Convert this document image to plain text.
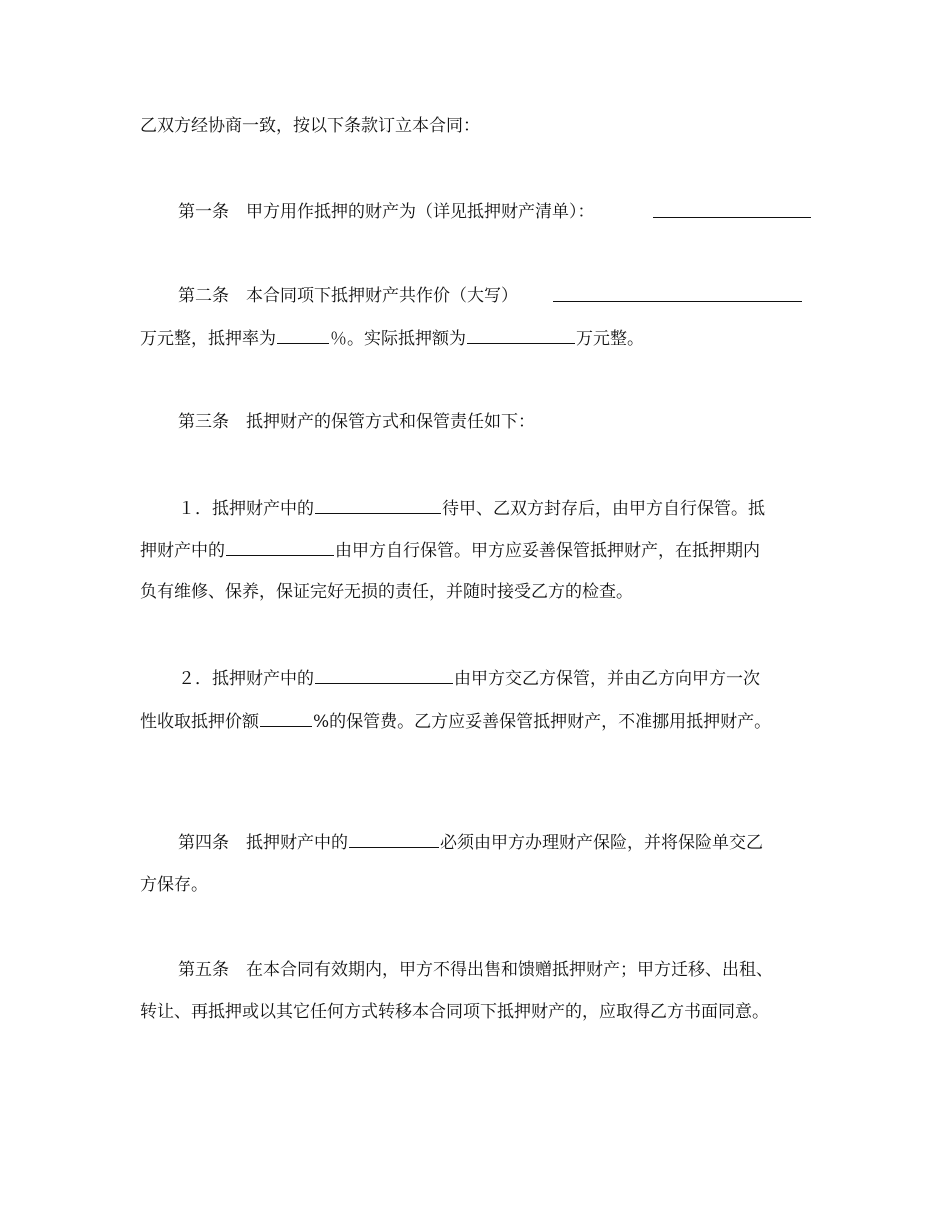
乙双方经协商一致，按以下条款订立本合同：
第一条　甲方用作抵押的财产为（详见抵押财产清单）：
第二条　本合同项下抵押财产共作价（大写）
万元整，抵押率为	％。实际抵押额为	万元整。
第三条　抵押财产的保管方式和保管责任如下：
１．抵押财产中的	待甲、乙双方封存后，由甲方自行保管。抵
押财产中的	由甲方自行保管。甲方应妥善保管抵押财产，在抵押期内
负有维修、保养，保证完好无损的责任，并随时接受乙方的检查。
２．抵押财产中的	由甲方交乙方保管，并由乙方向甲方一次
性收取抵押价额	%的保管费。乙方应妥善保管抵押财产，不准挪用抵押财产。
第四条　抵押财产中的	必须由甲方办理财产保险，并将保险单交乙
方保存。
第五条　在本合同有效期内，甲方不得出售和馈赠抵押财产；甲方迁移、出租、
转让、再抵押或以其它任何方式转移本合同项下抵押财产的，应取得乙方书面同意。
